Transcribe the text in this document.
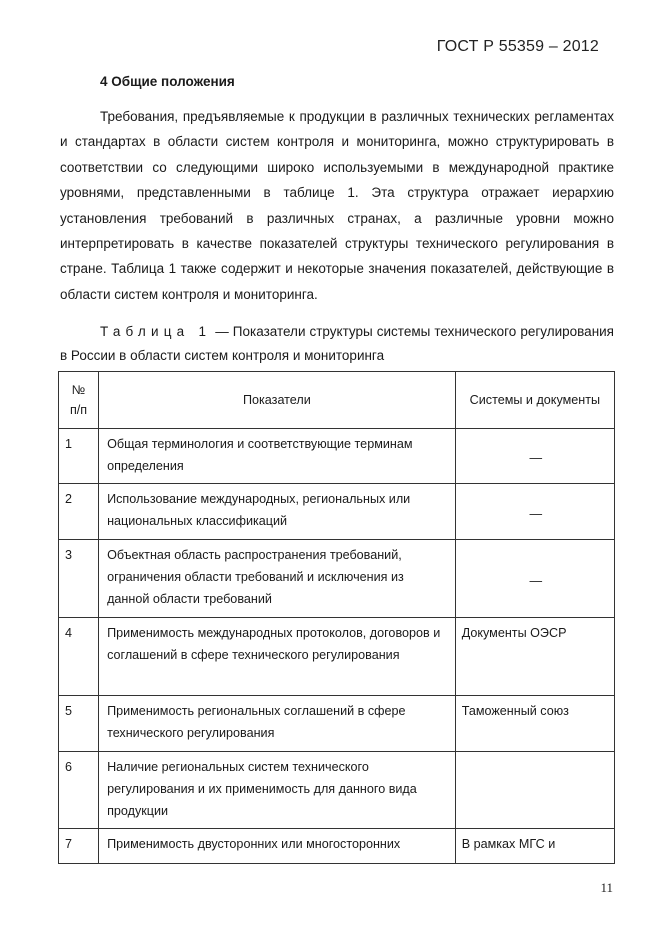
ГОСТ Р 55359 – 2012
4 Общие положения

Требования, предъявляемые к продукции в различных технических регламентах и стандартах в области систем контроля и мониторинга, можно структурировать в соответствии со следующими широко используемыми в международной практике уровнями, представленными в таблице 1. Эта структура отражает иерархию установления требований в различных странах, а различные уровни можно интерпретировать в качестве показателей структуры технического регулирования в стране. Таблица 1 также содержит и некоторые значения показателей, действующие в области систем контроля и мониторинга.

Таблица 1 — Показатели структуры системы технического регулирования в России в области систем контроля и мониторинга

№ п/п	Показатели	Системы и документы
1	Общая терминология и соответствующие терминам определения	—
2	Использование международных, региональных или национальных классификаций	—
3	Объектная область распространения требований, ограничения области требований и исключения из данной области требований	—
4	Применимость международных протоколов, договоров и соглашений в сфере технического регулирования	Документы ОЭСР
5	Применимость региональных соглашений в сфере технического регулирования	Таможенный союз
6	Наличие региональных систем технического регулирования и их применимость для данного вида продукции	
7	Применимость двусторонних или многосторонних	В рамках МГС и
11
